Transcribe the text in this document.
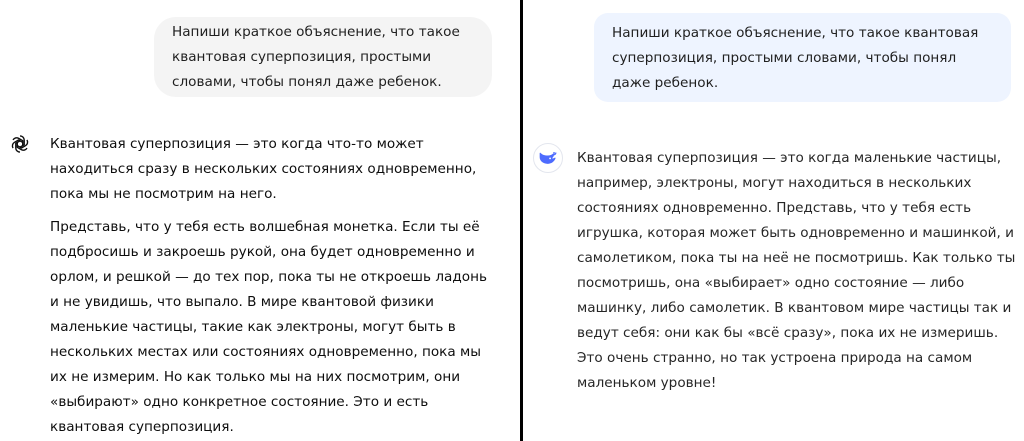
Напиши краткое объяснение, что такое квантовая суперпозиция, простыми словами, чтобы понял даже ребенок.

Квантовая суперпозиция — это когда что-то может находиться сразу в нескольких состояниях одновременно, пока мы не посмотрим на него.

Представь, что у тебя есть волшебная монетка. Если ты её подбросишь и закроешь рукой, она будет одновременно и орлом, и решкой — до тех пор, пока ты не откроешь ладонь и не увидишь, что выпало. В мире квантовой физики маленькие частицы, такие как электроны, могут быть в нескольких местах или состояниях одновременно, пока мы их не измерим. Но как только мы на них посмотрим, они «выбирают» одно конкретное состояние. Это и есть квантовая суперпозиция.

Напиши краткое объяснение, что такое квантовая суперпозиция, простыми словами, чтобы понял даже ребенок.

Квантовая суперпозиция — это когда маленькие частицы, например, электроны, могут находиться в нескольких состояниях одновременно. Представь, что у тебя есть игрушка, которая может быть одновременно и машинкой, и самолетиком, пока ты на неё не посмотришь. Как только ты посмотришь, она «выбирает» одно состояние — либо машинку, либо самолетик. В квантовом мире частицы так и ведут себя: они как бы «всё сразу», пока их не измеришь. Это очень странно, но так устроена природа на самом маленьком уровне!
